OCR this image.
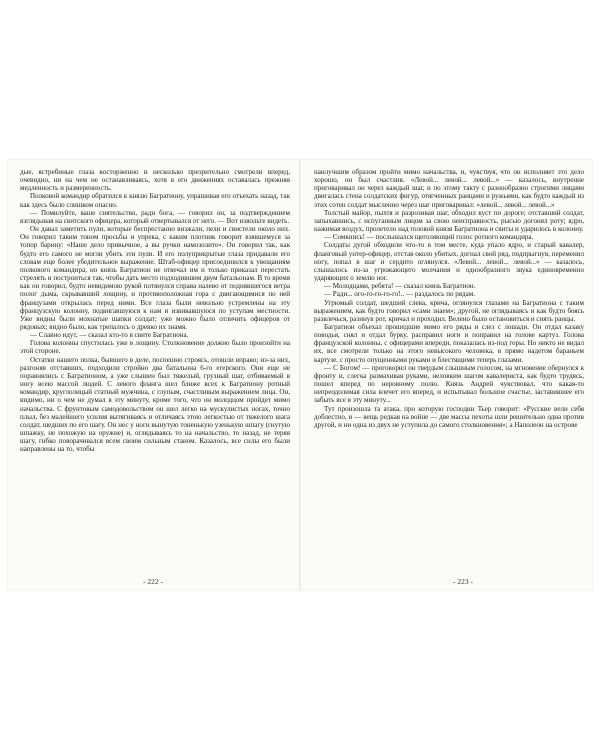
дые, ястребиные глаза восторженно и несколько презрительно смотрели вперед, очевидно, ни на чем не останавливаясь, хотя в его движениях оставалась прежняя медленность и размеренность.

Полковой командир обратился к князю Багратиону, упрашивая его отъехать назад, так как здесь было слишком опасно.

— Помилуйте, ваше сиятельство, ради бога, — говорил он, за подтверждением взглядывая на свитского офицера, который отвертывался от него. — Вот извольте видеть.

Он давал заметить пули, которые беспрестанно визжали, пели и свистели около них. Он говорил таким тоном просьбы и упрека, с каким плотник говорит взявшемуся за топор барину: «Наше дело привычное, а вы ручки намозолите». Он говорил так, как будто его самого не могли убить эти пули. И его полуприкрытые глаза придавали его словам еще более убедительное выражение. Штаб-офицер присоединился к увещаниям полкового командира, но князь Багратион не отвечал им и только приказал перестать стрелять и построиться так, чтобы дать место подходившим двум батальонам. В то время как он говорил, будто невидимою рукой потянулся справа налево от поднявшегося ветра полог дыма, скрывавший лощину, и противоположная гора с двигающимися по ней французами открылась перед ними. Все глаза были невольно устремлены на эту французскую колонну, подвигавшуюся к нам и извивавшуюся по уступам местности. Уже видны были мохнатые шапки солдат; уже можно было отличить офицеров от рядовых; видно было, как трепалось о древко их знамя.

— Славно идут, — сказал кто-то в свите Багратиона.

Голова колонны спустилась уже в лощину. Столкновение должно было произойти на этой стороне.

Остатки нашего полка, бывшего в деле, поспешно строясь, отошли вправо; из-за них, разгоняя отставших, подходили стройно два батальона 6-го егерского. Они еще не поравнялись с Багратионом, а уже слышен был тяжелый, грузный шаг, отбиваемый в ногу всею массой людей. С левого фланга шел ближе всех к Багратиону ротный командир, круглолицый статный мужчина, с глупым, счастливым выражением лица. Он, видимо, ни о чем не думал в эту минуту, кроме того, что он молодцом пройдет мимо начальства. С фрунтовым самодовольством он шел легко на мускулистых ногах, точно плыл, без малейшего усилия вытягиваясь и отличаясь этою легкостью от тяжелого шага солдат, шедших по его шагу. Он нес у ноги вынутую тоненькую узенькую шпагу (гнутую шпажку, не похожую на оружие) и, оглядываясь то на начальство, то назад, не теряя шагу, гибко поворачивался всем своим сильным станом. Казалось, все силы его были направлены на то, чтобы

- 222 -

наилучшим образом пройти мимо начальства, и, чувствуя, что он исполняет это дело хорошо, он был счастлив. «Левой... левой... левой...» — казалось, внутренне приговаривал он через каждый шаг, и по этому такту с разнообразно строгими лицами двигалась стена солдатских фигур, отягченных ранцами и ружьями, как будто каждый из этих сотен солдат мысленно через шаг приговаривал: «левой... левой... левой...»

Толстый майор, пыхтя и разрозивая шаг, обходил куст по дороге; отставший солдат, запыхавшись, с испуганным лицом за свою неисправность, рысью догонял роту; ядро, нажимая воздух, пролетело над головой князя Багратиона и свиты и ударилось в колонну.

— Сомкнись! — послышался щеголяющий голос ротного командира.

Солдаты дугой обходили что-то в том месте, куда упало ядро, и старый кавалер, фланговый унтер-офицер, отстав около убитых, догнал свой ряд, подпрыгнув, переменил ногу, попал в шаг и сердито оглянулся. «Левой... левой... левой...» — казалось, слышалось из-за угрожающего молчания и однообразного звука единовременно ударяющих о землю ног.

— Молодцами, ребята! — сказал князь Багратион.

— Ради... ого-го-го-го-го!.. — раздалось по рядам.

Угрюмый солдат, шедший слева, крича, оглянулся глазами на Багратиона с таким выражением, как будто говорил «сами знаем»; другой, не оглядываясь и как будто боясь развлечься, разинув рот, кричал и проходил. Велено было остановиться и снять ранцы.

Багратион объехал прошедшие мимо его ряды и слез с лошади. Он отдал казаку поводья, снял и отдал бурку, расправил ноги и поправил на голове картуз. Голова французской колонны, с офицерами впереди, показалась из-под горы. Но никто не видал их, все смотрели только на этого невысокого человека, в прямо надетом бараньем картузе, с просто опущенными руками и блестящими теперь глазами.

— С Богом! — проговорил он твердым слышным голосом, на мгновение обернулся к фронту и, слегка размахивая руками, неловким шагом кавалериста, как будто трудясь, пошел вперед по неровному полю. Князь Андрей чувствовал, что какая-то непреодолимая сила влечет его вперед, и испытывал большое счастье, заставившее его забыть все в эту минуту...

Тут произошла та атака, про которую господин Тьер говорит: «Русские вели себя доблестно, и — вещь редкая на войне — две массы пехоты шли решительно одна против другой, и ни одна из двух не уступила до самого столкновения»; а Наполеон на острове

- 223 -
